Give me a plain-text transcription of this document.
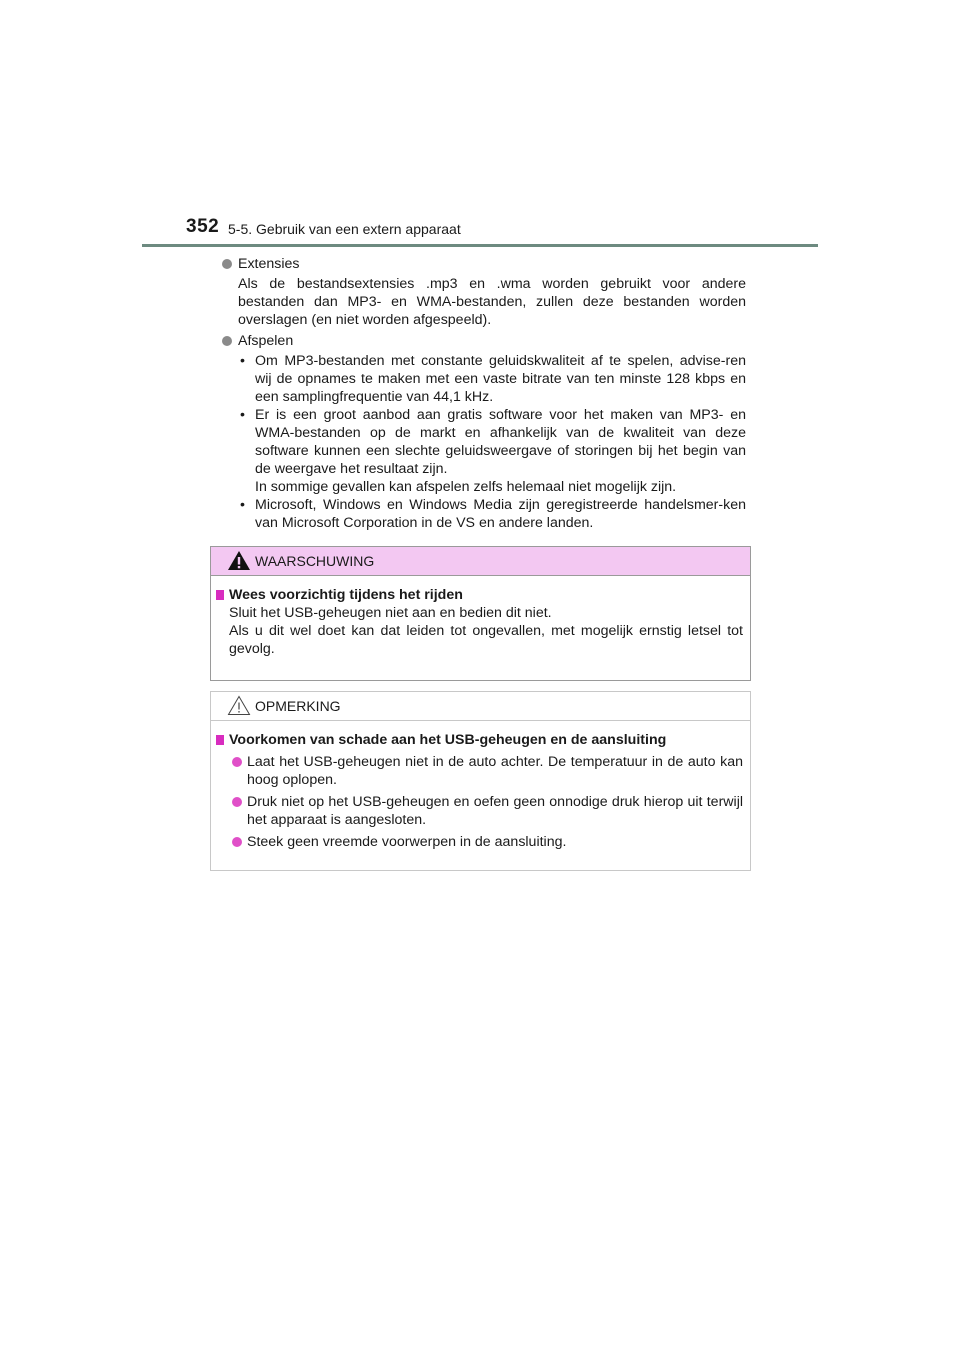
352 5-5. Gebruik van een extern apparaat
Extensies
Als de bestandsextensies .mp3 en .wma worden gebruikt voor andere bestanden dan MP3- en WMA-bestanden, zullen deze bestanden worden overslagen (en niet worden afgespeeld).
Afspelen
• Om MP3-bestanden met constante geluidskwaliteit af te spelen, advise-ren wij de opnames te maken met een vaste bitrate van ten minste 128 kbps en een samplingfrequentie van 44,1 kHz.
• Er is een groot aanbod aan gratis software voor het maken van MP3- en WMA-bestanden op de markt en afhankelijk van de kwaliteit van deze software kunnen een slechte geluidsweergave of storingen bij het begin van de weergave het resultaat zijn.
In sommige gevallen kan afspelen zelfs helemaal niet mogelijk zijn.
• Microsoft, Windows en Windows Media zijn geregistreerde handelsmer-ken van Microsoft Corporation in de VS en andere landen.
WAARSCHUWING
Wees voorzichtig tijdens het rijden
Sluit het USB-geheugen niet aan en bedien dit niet.
Als u dit wel doet kan dat leiden tot ongevallen, met mogelijk ernstig letsel tot gevolg.
OPMERKING
Voorkomen van schade aan het USB-geheugen en de aansluiting
Laat het USB-geheugen niet in de auto achter. De temperatuur in de auto kan hoog oplopen.
Druk niet op het USB-geheugen en oefen geen onnodige druk hierop uit terwijl het apparaat is aangesloten.
Steek geen vreemde voorwerpen in de aansluiting.
